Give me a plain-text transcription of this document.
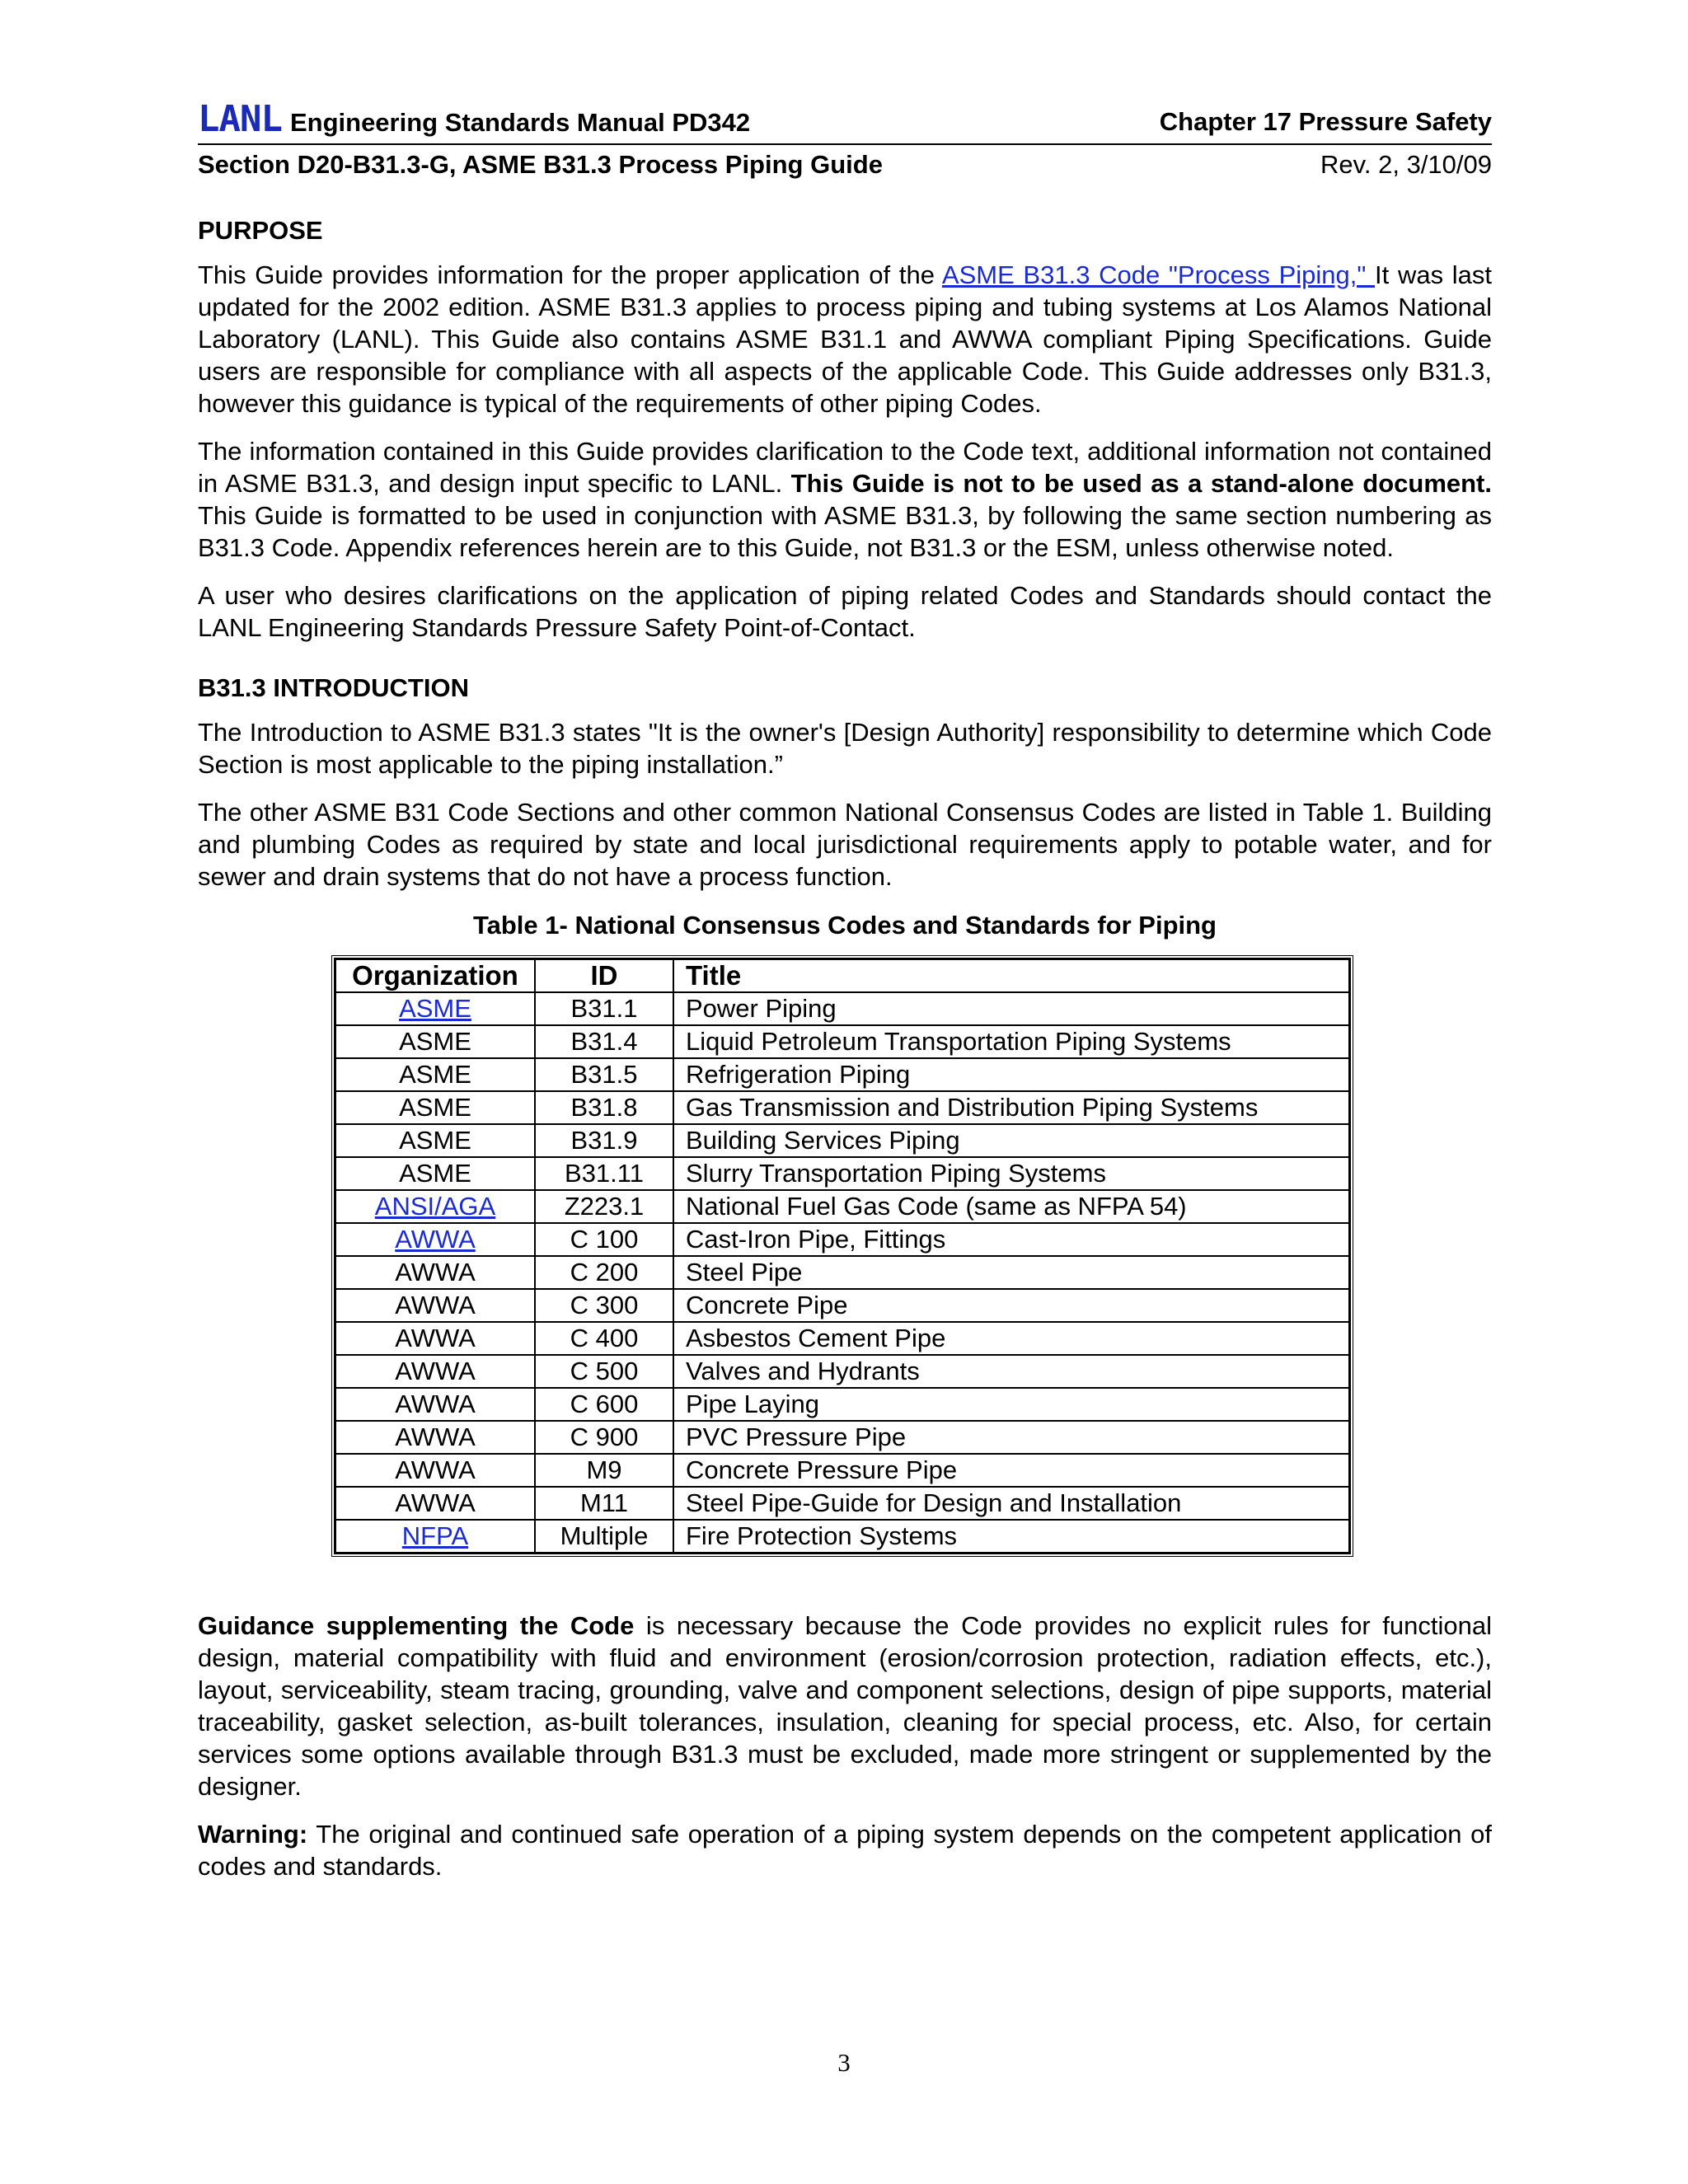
LANL Engineering Standards Manual PD342	Chapter 17 Pressure Safety
Section D20-B31.3-G, ASME B31.3 Process Piping Guide	Rev. 2, 3/10/09
PURPOSE

This Guide provides information for the proper application of the ASME B31.3 Code "Process Piping," It was last updated for the 2002 edition. ASME B31.3 applies to process piping and tubing systems at Los Alamos National Laboratory (LANL). This Guide also contains ASME B31.1 and AWWA compliant Piping Specifications. Guide users are responsible for compliance with all aspects of the applicable Code. This Guide addresses only B31.3, however this guidance is typical of the requirements of other piping Codes.

The information contained in this Guide provides clarification to the Code text, additional information not contained in ASME B31.3, and design input specific to LANL. This Guide is not to be used as a stand-alone document. This Guide is formatted to be used in conjunction with ASME B31.3, by following the same section numbering as B31.3 Code. Appendix references herein are to this Guide, not B31.3 or the ESM, unless otherwise noted.

A user who desires clarifications on the application of piping related Codes and Standards should contact the LANL Engineering Standards Pressure Safety Point-of-Contact.

B31.3 INTRODUCTION

The Introduction to ASME B31.3 states "It is the owner's [Design Authority] responsibility to determine which Code Section is most applicable to the piping installation.”

The other ASME B31 Code Sections and other common National Consensus Codes are listed in Table 1. Building and plumbing Codes as required by state and local jurisdictional requirements apply to potable water, and for sewer and drain systems that do not have a process function.

Table 1- National Consensus Codes and Standards for Piping
Organization	ID	Title
ASME	B31.1	Power Piping
ASME	B31.4	Liquid Petroleum Transportation Piping Systems
ASME	B31.5	Refrigeration Piping
ASME	B31.8	Gas Transmission and Distribution Piping Systems
ASME	B31.9	Building Services Piping
ASME	B31.11	Slurry Transportation Piping Systems
ANSI/AGA	Z223.1	National Fuel Gas Code (same as NFPA 54)
AWWA	C 100	Cast-Iron Pipe, Fittings
AWWA	C 200	Steel Pipe
AWWA	C 300	Concrete Pipe
AWWA	C 400	Asbestos Cement Pipe
AWWA	C 500	Valves and Hydrants
AWWA	C 600	Pipe Laying
AWWA	C 900	PVC Pressure Pipe
AWWA	M9	Concrete Pressure Pipe
AWWA	M11	Steel Pipe-Guide for Design and Installation
NFPA	Multiple	Fire Protection Systems

Guidance supplementing the Code is necessary because the Code provides no explicit rules for functional design, material compatibility with fluid and environment (erosion/corrosion protection, radiation effects, etc.), layout, serviceability, steam tracing, grounding, valve and component selections, design of pipe supports, material traceability, gasket selection, as-built tolerances, insulation, cleaning for special process, etc. Also, for certain services some options available through B31.3 must be excluded, made more stringent or supplemented by the designer.

Warning: The original and continued safe operation of a piping system depends on the competent application of codes and standards.

3
